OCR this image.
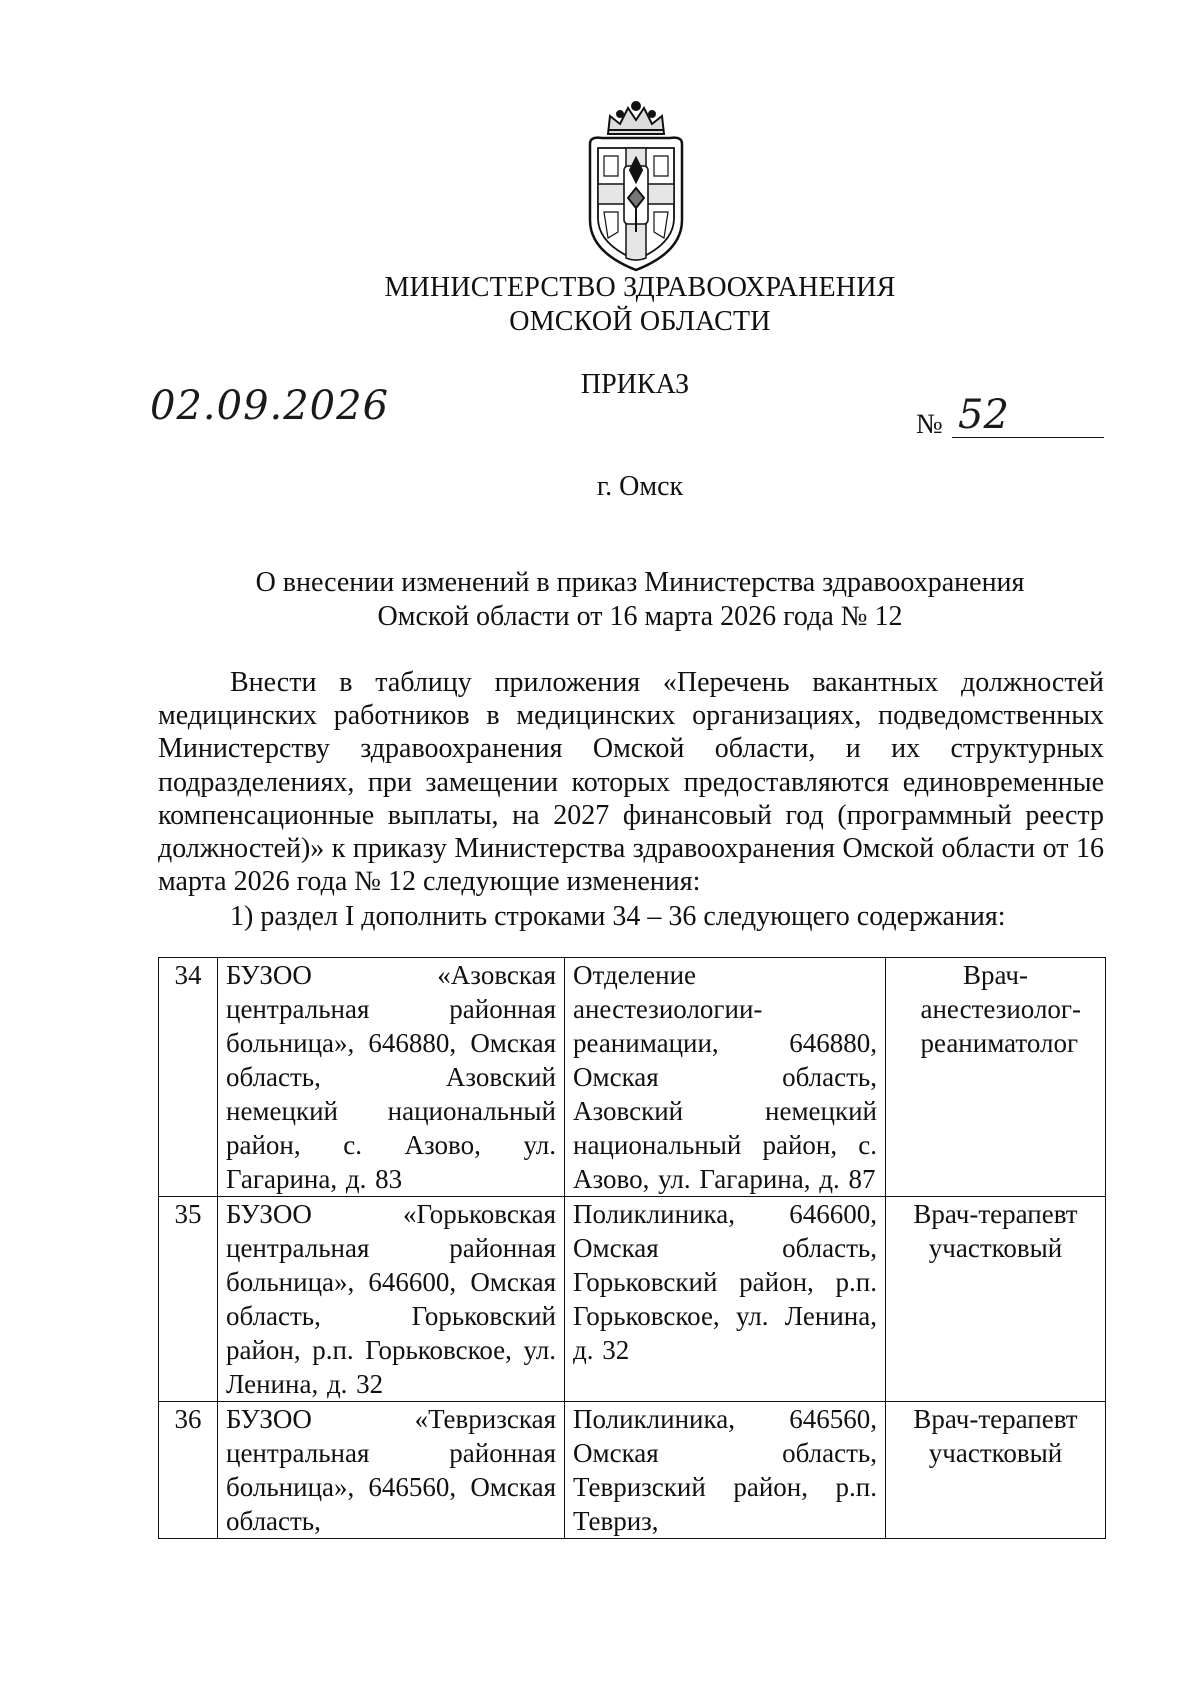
МИНИСТЕРСТВО ЗДРАВООХРАНЕНИЯ
ОМСКОЙ ОБЛАСТИ
ПРИКАЗ
02.09.2026	№ 52
г. Омск
О внесении изменений в приказ Министерства здравоохранения
Омской области от 16 марта 2026 года № 12

Внести в таблицу приложения «Перечень вакантных должностей медицинских работников в медицинских организациях, подведомственных Министерству здравоохранения Омской области, и их структурных подразделениях, при замещении которых предоставляются единовременные компенсационные выплаты, на 2027 финансовый год (программный реестр должностей)» к приказу Министерства здравоохранения Омской области от 16 марта 2026 года № 12 следующие изменения:

1) раздел I дополнить строками 34 – 36 следующего содержания:
34	БУЗОО «Азовская центральная районная больница», 646880, Омская область, Азовский немецкий национальный район, с. Азово, ул. Гагарина, д. 83	Отделение анестезиологии-реанимации, 646880, Омская область, Азовский немецкий национальный район, с. Азово, ул. Гагарина, д. 87	Врач-анестезиолог-реаниматолог

35	БУЗОО «Горьковская центральная районная больница», 646600, Омская область, Горьковский район, р.п. Горьковское, ул. Ленина, д. 32	Поликлиника, 646600, Омская область, Горьковский район, р.п. Горьковское, ул. Ленина, д. 32	Врач-терапевт участковый

36	БУЗОО «Тевризская центральная районная больница», 646560, Омская область,	Поликлиника, 646560, Омская область, Тевризский район, р.п. Тевриз,	Врач-терапевт участковый
